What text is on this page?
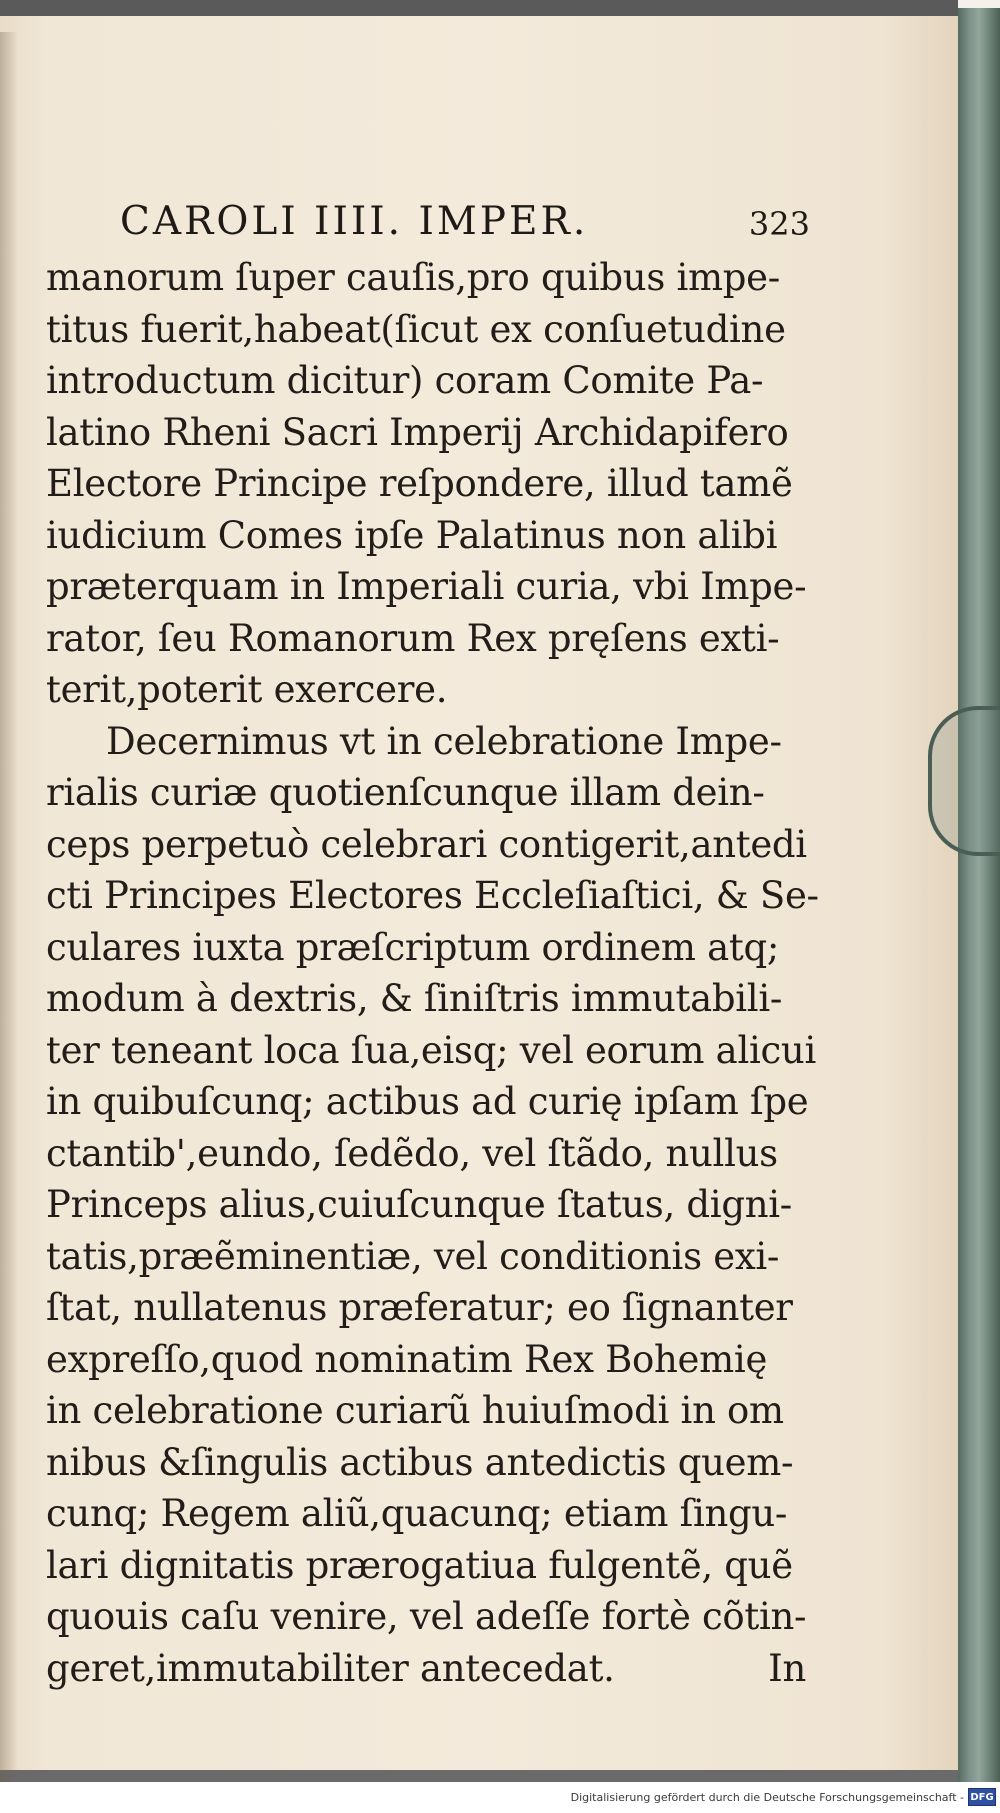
CAROLI IIII. IMPER.	323
manorum ſuper cauſis,pro quibus impe-
titus fuerit,habeat(ſicut ex conſuetudine
introductum dicitur) coram Comite Pa-
latino Rheni Sacri Imperij Archidapifero
Electore Principe reſpondere, illud tamẽ
iudicium Comes ipſe Palatinus non alibi
præterquam in Imperiali curia, vbi Impe-
rator, ſeu Romanorum Rex pręſens exti-
terit,poterit exercere.
Decernimus vt in celebratione Impe-
rialis curiæ quotienſcunque illam dein-
ceps perpetuò celebrari contigerit,antedi
cti Principes Electores Eccleſiaſtici, & Se-
culares iuxta præſcriptum ordinem atq;
modum à dextris, & ſiniſtris immutabili-
ter teneant loca ſua,eisq; vel eorum alicui
in quibuſcunq; actibus ad curię ipſam ſpe
ctantib',eundo, ſedẽdo, vel ſtãdo, nullus
Princeps alius,cuiuſcunque ſtatus, digni-
tatis,præẽminentiæ, vel conditionis exi-
ſtat, nullatenus præferatur; eo ſignanter
expreſſo,quod nominatim Rex Bohemię
in celebratione curiarũ huiuſmodi in om
nibus &ſingulis actibus antedictis quem-
cunq; Regem aliũ,quacunq; etiam ſingu-
lari dignitatis prærogatiua fulgentẽ, quẽ
quouis caſu venire, vel adeſſe fortè cõtin-
geret,immutabiliter antecedat.	In
Digitalisierung gefördert durch die Deutsche Forschungsgemeinschaft - DFG
